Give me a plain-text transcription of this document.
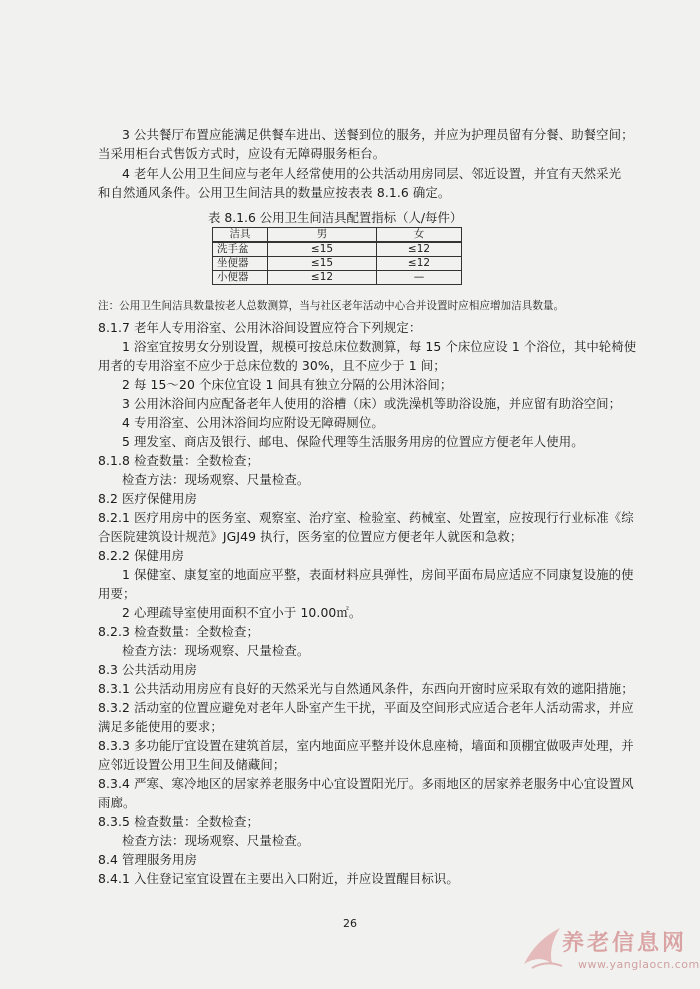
3 公共餐厅布置应能满足供餐车进出、送餐到位的服务，并应为护理员留有分餐、助餐空间；
当采用柜台式售饭方式时，应设有无障碍服务柜台。
4 老年人公用卫生间应与老年人经常使用的公共活动用房同层、邻近设置，并宜有天然采光
和自然通风条件。公用卫生间洁具的数量应按表表 8.1.6 确定。
表 8.1.6 公用卫生间洁具配置指标（人/每件）
洁具	男	女
洗手盆	≤15	≤12
坐便器	≤15	≤12
小便器	≤12	—
注：公用卫生间洁具数量按老人总数测算，当与社区老年活动中心合并设置时应相应增加洁具数量。
8.1.7 老年人专用浴室、公用沐浴间设置应符合下列规定：
1 浴室宜按男女分别设置，规模可按总床位数测算，每 15 个床位应设 1 个浴位，其中轮椅使
用者的专用浴室不应少于总床位数的 30%，且不应少于 1 间；
2 每 15～20 个床位宜设 1 间具有独立分隔的公用沐浴间；
3 公用沐浴间内应配备老年人使用的浴槽（床）或洗澡机等助浴设施，并应留有助浴空间；
4 专用浴室、公用沐浴间均应附设无障碍厕位。
5 理发室、商店及银行、邮电、保险代理等生活服务用房的位置应方便老年人使用。
8.1.8 检查数量：全数检查；
检查方法：现场观察、尺量检查。
8.2 医疗保健用房
8.2.1 医疗用房中的医务室、观察室、治疗室、检验室、药械室、处置室，应按现行行业标准《综
合医院建筑设计规范》JGJ49 执行，医务室的位置应方便老年人就医和急救；
8.2.2 保健用房
1 保健室、康复室的地面应平整，表面材料应具弹性，房间平面布局应适应不同康复设施的使
用要；
2 心理疏导室使用面积不宜小于 10.00㎡。
8.2.3 检查数量：全数检查；
检查方法：现场观察、尺量检查。
8.3 公共活动用房
8.3.1 公共活动用房应有良好的天然采光与自然通风条件，东西向开窗时应采取有效的遮阳措施；
8.3.2 活动室的位置应避免对老年人卧室产生干扰，平面及空间形式应适合老年人活动需求，并应
满足多能使用的要求；
8.3.3 多功能厅宜设置在建筑首层，室内地面应平整并设休息座椅，墙面和顶棚宜做吸声处理，并
应邻近设置公用卫生间及储藏间；
8.3.4 严寒、寒冷地区的居家养老服务中心宜设置阳光厅。多雨地区的居家养老服务中心宜设置风
雨廊。
8.3.5 检查数量：全数检查；
检查方法：现场观察、尺量检查。
8.4 管理服务用房
8.4.1 入住登记室宜设置在主要出入口附近，并应设置醒目标识。
26
养老信息网
www.yanglaocn.com
